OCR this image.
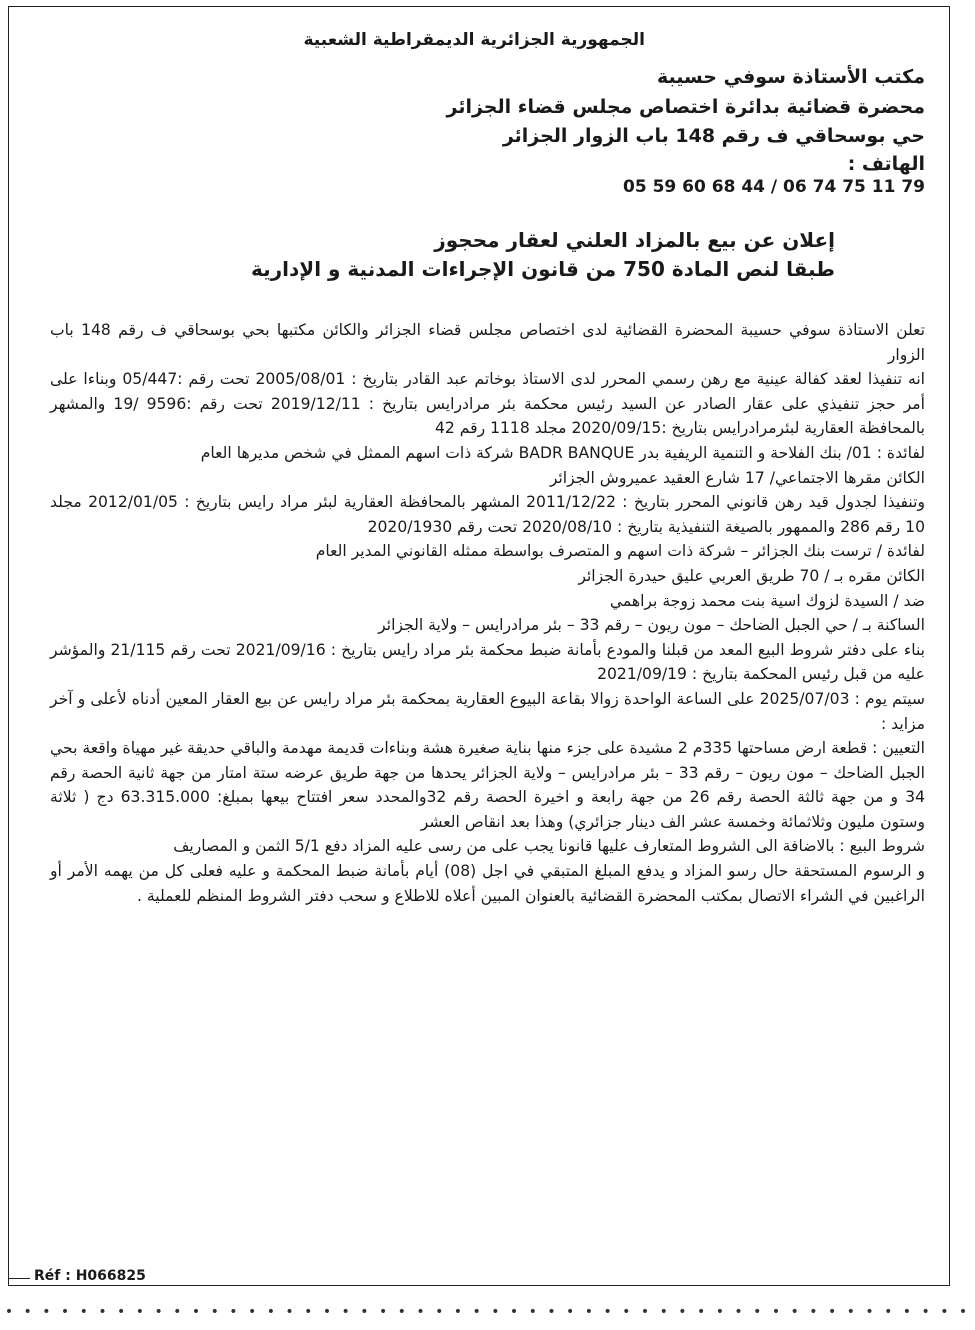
الجمهورية الجزائرية الديمقراطية الشعبية
مكتب الأستاذة سوفي حسيبة
محضرة قضائية بدائرة اختصاص مجلس قضاء الجزائر
حي بوسحاقي ف رقم 148 باب الزوار الجزائر
الهاتف :
05 59 60 68 44 / 06 74 75 11 79
إعلان عن بيع بالمزاد العلني لعقار محجوز
طبقا لنص المادة 750 من قانون الإجراءات المدنية و الإدارية

تعلن الاستاذة سوفي حسيبة المحضرة القضائية لدى اختصاص مجلس قضاء الجزائر والكائن مكتبها بحي بوسحاقي ف رقم 148 باب الزوار

انه تنفيذا لعقد كفالة عينية مع رهن رسمي المحرر لدى الاستاذ بوخاتم عبد القادر بتاريخ : 2005/08/01 تحت رقم :05/447 وبناءا على أمر حجز تنفيذي على عقار الصادر عن السيد رئيس محكمة بئر مرادرايس بتاريخ : 2019/12/11 تحت رقم :9596 /19 والمشهر بالمحافظة العقارية لبئرمرادرايس بتاريخ :2020/09/15 مجلد 1118 رقم 42

لفائدة : 01/ بنك الفلاحة و التنمية الريفية بدر BADR BANQUE شركة ذات اسهم الممثل في شخص مديرها العام

الكائن مقرها الاجتماعي/ 17 شارع العقيد عميروش الجزائر

وتنفيذا لجدول قيد رهن قانوني المحرر بتاريخ : 2011/12/22 المشهر بالمحافظة العقارية لبئر مراد رايس بتاريخ : 2012/01/05 مجلد 10 رقم 286 والممهور بالصيغة التنفيذية بتاريخ : 2020/08/10 تحت رقم 2020/1930

لفائدة / ترست بنك الجزائر – شركة ذات اسهم و المتصرف بواسطة ممثله القانوني المدير العام

الكائن مقره بـ / 70 طريق العربي عليق حيدرة الجزائر

ضد / السيدة لزوك اسية بنت محمد زوجة براهمي

الساكنة بـ / حي الجبل الضاحك – مون ريون – رقم 33 – بئر مرادرايس – ولاية الجزائر

بناء على دفتر شروط البيع المعد من قبلنا والمودع بأمانة ضبط محكمة بئر مراد رايس بتاريخ : 2021/09/16 تحت رقم 21/115 والمؤشر عليه من قبل رئيس المحكمة بتاريخ : 2021/09/19

سيتم يوم : 2025/07/03 على الساعة الواحدة زوالا بقاعة البيوع العقارية بمحكمة بئر مراد رايس عن بيع العقار المعين أدناه لأعلى و آخر مزايد :

التعيين : قطعة ارض مساحتها 335م 2 مشيدة على جزء منها بناية صغيرة هشة وبناءات قديمة مهدمة والباقي حديقة غير مهياة واقعة بحي الجبل الضاحك – مون ريون – رقم 33 – بئر مرادرايس – ولاية الجزائر يحدها من جهة طريق عرضه ستة امتار من جهة ثانية الحصة رقم 34 و من جهة ثالثة الحصة رقم 26 من جهة رابعة و اخيرة الحصة رقم 32والمحدد سعر افتتاح بيعها بمبلغ: 63.315.000 دج ( ثلاثة وستون مليون وثلاثمائة وخمسة عشر الف دينار جزائري) وهذا بعد انقاص العشر

شروط البيع : بالاضافة الى الشروط المتعارف عليها قانونا يجب على من رسى عليه المزاد دفع 5/1 الثمن و المصاريف

و الرسوم المستحقة حال رسو المزاد و يدفع المبلغ المتبقي في اجل (08) أيام بأمانة ضبط المحكمة و عليه فعلى كل من يهمه الأمر أو الراغبين في الشراء الاتصال بمكتب المحضرة القضائية بالعنوان المبين أعلاه للاطلاع و سحب دفتر الشروط المنظم للعملية .

Réf : H066825
• • • • • • • • • • • • • • • • • • • • • • • • • • • • • • • • • • • • • • • • • • • • • • • • • • • •
